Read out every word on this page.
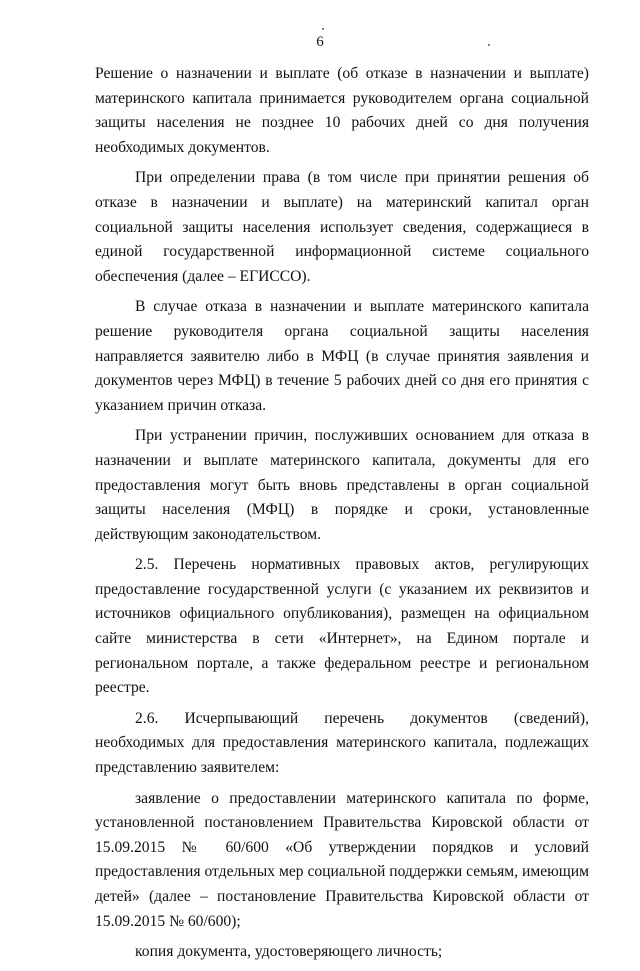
6

Решение о назначении и выплате (об отказе в назначении и выплате) материнского капитала принимается руководителем органа социальной защиты населения не позднее 10 рабочих дней со дня получения необходимых документов.

При определении права (в том числе при принятии решения об отказе в назначении и выплате) на материнский капитал орган социальной защиты населения использует сведения, содержащиеся в единой государственной информационной системе социального обеспечения (далее – ЕГИССО).

В случае отказа в назначении и выплате материнского капитала решение руководителя органа социальной защиты населения направляется заявителю либо в МФЦ (в случае принятия заявления и документов через МФЦ) в течение 5 рабочих дней со дня его принятия с указанием причин отказа.

При устранении причин, послуживших основанием для отказа в назначении и выплате материнского капитала, документы для его предоставления могут быть вновь представлены в орган социальной защиты населения (МФЦ) в порядке и сроки, установленные действующим законодательством.

2.5. Перечень нормативных правовых актов, регулирующих предоставление государственной услуги (с указанием их реквизитов и источников официального опубликования), размещен на официальном сайте министерства в сети «Интернет», на Едином портале и региональном портале, а также федеральном реестре и региональном реестре.

2.6. Исчерпывающий перечень документов (сведений), необходимых для предоставления материнского капитала, подлежащих представлению заявителем:

заявление о предоставлении материнского капитала по форме, установленной постановлением Правительства Кировской области от 15.09.2015 № 60/600 «Об утверждении порядков и условий предоставления отдельных мер социальной поддержки семьям, имеющим детей» (далее – постановление Правительства Кировской области от 15.09.2015 № 60/600);

копия документа, удостоверяющего личность;
